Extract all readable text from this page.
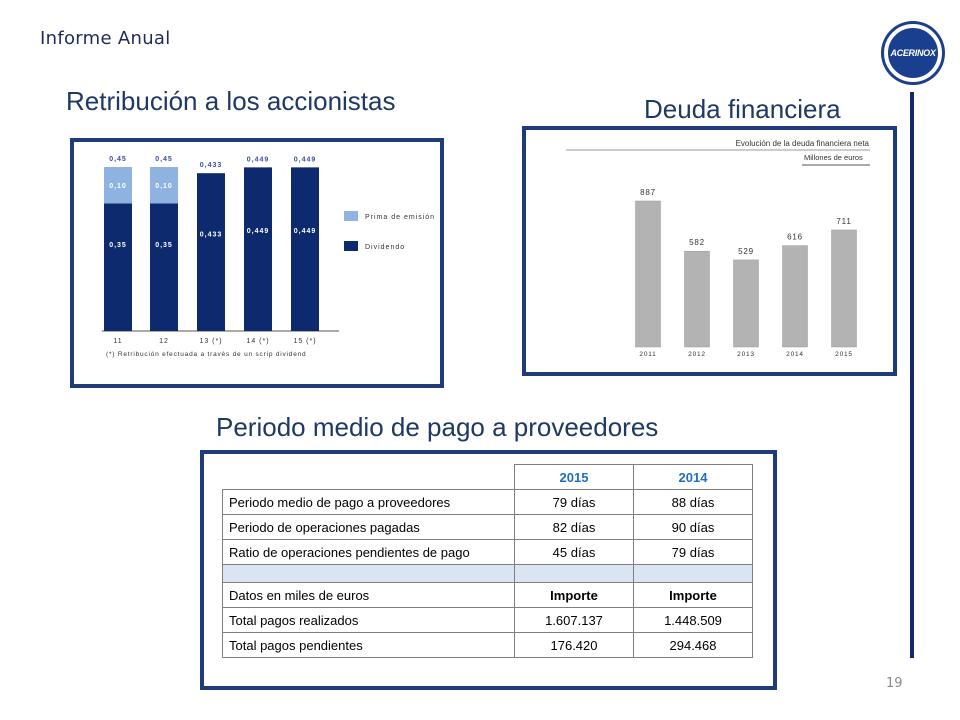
Informe Anual
ACERINOX
Retribución a los accionistas	Deuda financiera
Periodo medio de pago a proveedores
0,10
0,35
0,45
11
0,10
0,35
0,45
12
0,433
0,433
13 (*)
0,449
0,449
14 (*)
0,449
0,449
15 (*)
Prima de emisión
Dividendo
(*) Retribución efectuada a través de un scrip dividend
Evolución de la deuda financiera neta
Millones de euros
887
2011
582
2012
529
2013
616
2014
711
2015
	2015	2014
Periodo medio de pago a proveedores	79 días	88 días
Periodo de operaciones pagadas	82 días	90 días
Ratio de operaciones pendientes de pago	45 días	79 días

Datos en miles de euros	Importe	Importe
Total pagos realizados	1.607.137	1.448.509
Total pagos pendientes	176.420	294.468
19
